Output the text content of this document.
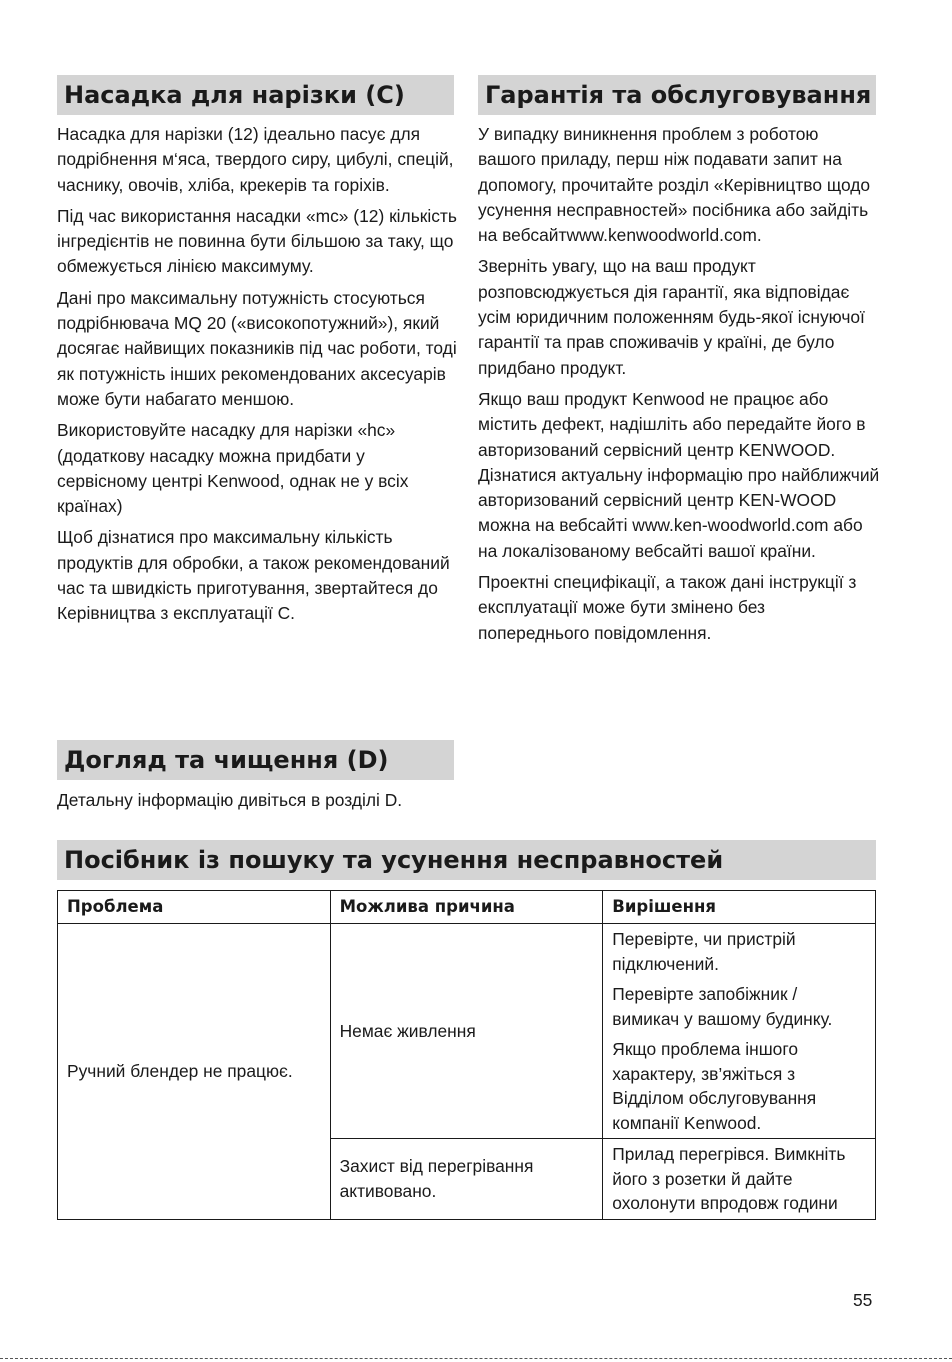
Насадка для нарізки (C)

Насадка для нарізки (12) ідеально пасує для подрібнення м‘яса, твердого сиру, цибулі, спецій, часнику, овочів, хліба, крекерів та горіхів.

Під час використання насадки «mc» (12) кількість інгредієнтів не повинна бути більшою за таку, що обмежується лінією максимуму.

Дані про максимальну потужність стосуються подрібнювача MQ 20 («високопотужний»), який досягає найвищих показників під час роботи, тоді як потужність інших рекомендованих аксесуарів може бути набагато меншою.

Використовуйте насадку для нарізки «hc» (додаткову насадку можна придбати у сервісному центрі Kenwood, однак не у всіх країнах)

Щоб дізнатися про максимальну кількість продуктів для обробки, а також рекомендований час та швидкість приготування, звертайтеся до Керівництва з експлуатації C.

Догляд та чищення (D)

Детальну інформацію дивіться в розділі D.

Гарантія та обслуговування

У випадку виникнення проблем з роботою вашого приладу, перш ніж подавати запит на допомогу, прочитайте розділ «Керівництво щодо усунення несправностей» посібника або зайдіть на вебсайтwww.kenwoodworld.com.

Зверніть увагу, що на ваш продукт розповсюджується дія гарантії, яка відповідає усім юридичним положенням будь-якої існуючої гарантії та прав споживачів у країні, де було придбано продукт.

Якщо ваш продукт Kenwood не працює або містить дефект, надішліть або передайте його в авторизований сервісний центр KENWOOD. Дізнатися актуальну інформацію про найближчий авторизований сервісний центр KEN-WOOD можна на вебсайті www.ken-woodworld.com або на локалізованому вебсайті вашої країни.

Проектні специфікації, а також дані інструкції з експлуатації може бути змінено без попереднього повідомлення.

Посібник із пошуку та усунення несправностей
Проблема	Можлива причина	Вирішення
Ручний блендер не працює.	Немає живлення	Перевірте, чи пристрій підключений.

Перевірте запобіжник / вимикач у вашому будинку.

Якщо проблема іншого характеру, зв’яжіться з Відділом обслуговування компанії Kenwood.

	Захист від перегрівання активовано.	Прилад перегрівся. Вимкніть його з розетки й дайте охолонути впродовж години

55
